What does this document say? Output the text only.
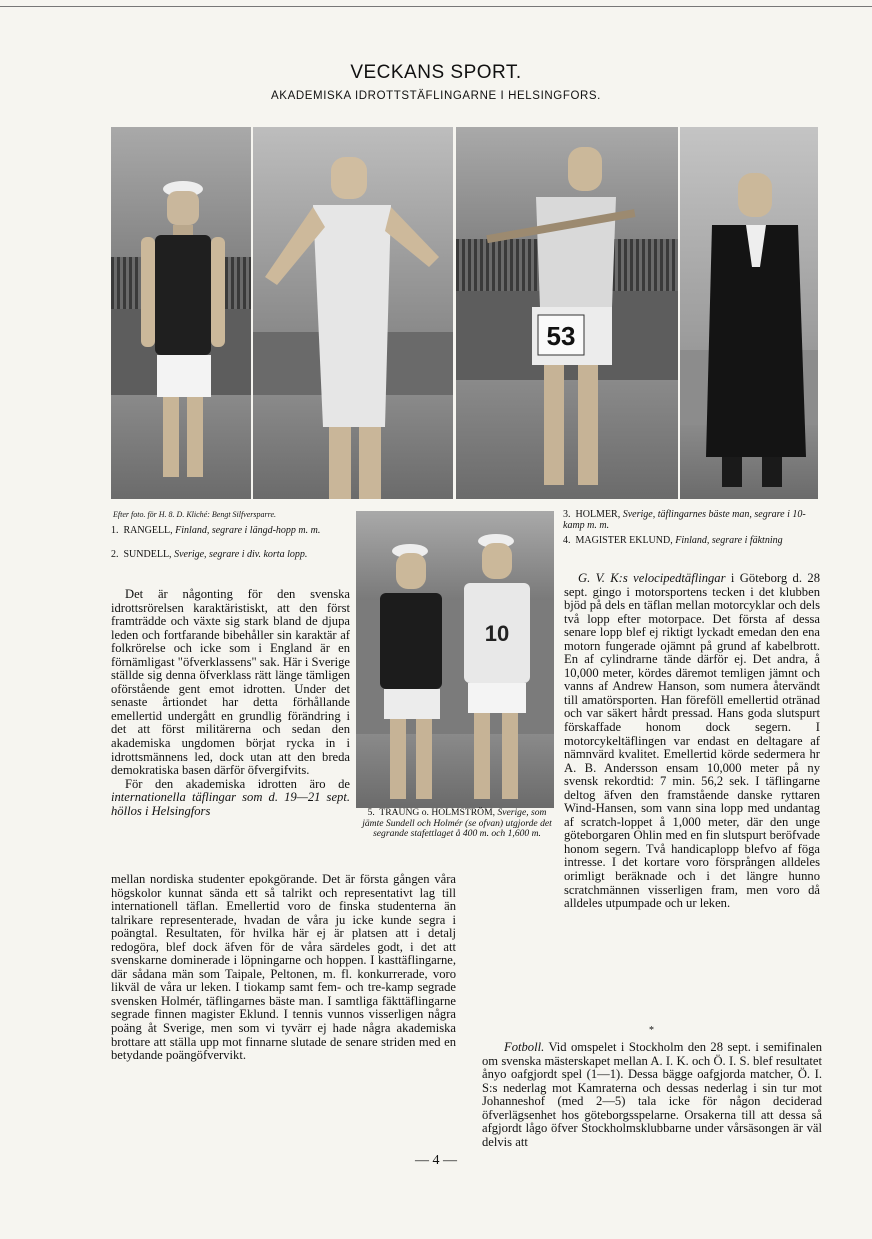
VECKANS SPORT.
AKADEMISKA IDROTTSTÄFLINGARNE I HELSINGFORS.
53
Efter foto. för H. 8. D. Kliché: Bengt Silfversparre.
1. RANGELL, Finland, segrare i längd-hopp m. m.
2. SUNDELL, Sverige, segrare i div. korta lopp.
3. HOLMER, Sverige, täflingarnes bäste man, segrare i 10-kamp m. m.
4. MAGISTER EKLUND, Finland, segrare i fäktning
10
5. TRAUNG o. HOLMSTRÖM, Sverige, som jämte Sundell och Holmér (se ofvan) utgjorde det segrande stafettlaget å 400 m. och 1,600 m.

Det är någonting för den svenska idrottsrörelsen karaktäristiskt, att den först framträdde och växte sig stark bland de djupa leden och fortfarande bibehåller sin karaktär af folkrörelse och icke som i England är en förnämligast "öfverklassens" sak. Här i Sverige ställde sig denna öfverklass rätt länge tämligen oförstående gent emot idrotten. Under det senaste årtiondet har detta förhållande emellertid undergått en grundlig förändring i det att först militärerna och sedan den akademiska ungdomen börjat rycka in i idrottsmännens led, dock utan att den breda demokratiska basen därför öfvergifvits.

För den akademiska idrotten äro de internationella täflingar som d. 19—21 sept. höllos i Helsingfors

mellan nordiska studenter epokgörande. Det är första gången våra högskolor kunnat sända ett så talrikt och representativt lag till internationell täflan. Emellertid voro de finska studenterna än talrikare representerade, hvadan de våra ju icke kunde segra i poängtal. Resultaten, för hvilka här ej är platsen att i detalj redogöra, blef dock äfven för de våra särdeles godt, i det att svenskarne dominerade i löpningarne och hoppen. I kasttäflingarne, där sådana män som Taipale, Peltonen, m. fl. konkurrerade, voro likväl de våra ur leken. I tiokamp samt fem- och tre-kamp segrade svensken Holmér, täflingarnes bäste man. I samtliga fäkttäflingarne segrade finnen magister Eklund. I tennis vunnos visserligen några poäng åt Sverige, men som vi tyvärr ej hade några akademiska brottare att ställa upp mot finnarne slutade de senare striden med en betydande poängöfvervikt.

G. V. K:s velocipedtäflingar i Göteborg d. 28 sept. gingo i motorsportens tecken i det klubben bjöd på dels en täflan mellan motorcyklar och dels två lopp efter motorpace. Det första af dessa senare lopp blef ej riktigt lyckadt emedan den ena motorn fungerade ojämnt på grund af kabelbrott. En af cylindrarne tände därför ej. Det andra, å 10,000 meter, kördes däremot temligen jämnt och vanns af Andrew Hanson, som numera återvändt till amatörsporten. Han föreföll emellertid otränad och var säkert hårdt pressad. Hans goda slutspurt förskaffade honom dock segern. I motorcykeltäflingen var endast en deltagare af nämnvärd kvalitet. Emellertid körde sedermera hr A. B. Andersson ensam 10,000 meter på ny svensk rekordtid: 7 min. 56,2 sek. I täflingarne deltog äfven den framstående danske ryttaren Wind-Hansen, som vann sina lopp med undantag af scratch-loppet å 1,000 meter, där den unge göteborgaren Ohlin med en fin slutspurt beröfvade honom segern. Två handicaplopp blefvo af föga intresse. I det kortare voro försprången alldeles orimligt beräknade och i det längre hunno scratchmännen visserligen fram, men voro då alldeles utpumpade och ur leken.

*

Fotboll. Vid omspelet i Stockholm den 28 sept. i semifinalen om svenska mästerskapet mellan A. I. K. och Ö. I. S. blef resultatet ånyo oafgjordt spel (1—1). Dessa bägge oafgjorda matcher, Ö. I. S:s nederlag mot Kamraterna och dessas nederlag i sin tur mot Johanneshof (med 2—5) tala icke för någon deciderad öfverlägsenhet hos göteborgsspelarne. Orsakerna till att dessa så afgjordt lågo öfver Stockholmsklubbarne under vårsäsongen är väl delvis att

— 4 —
